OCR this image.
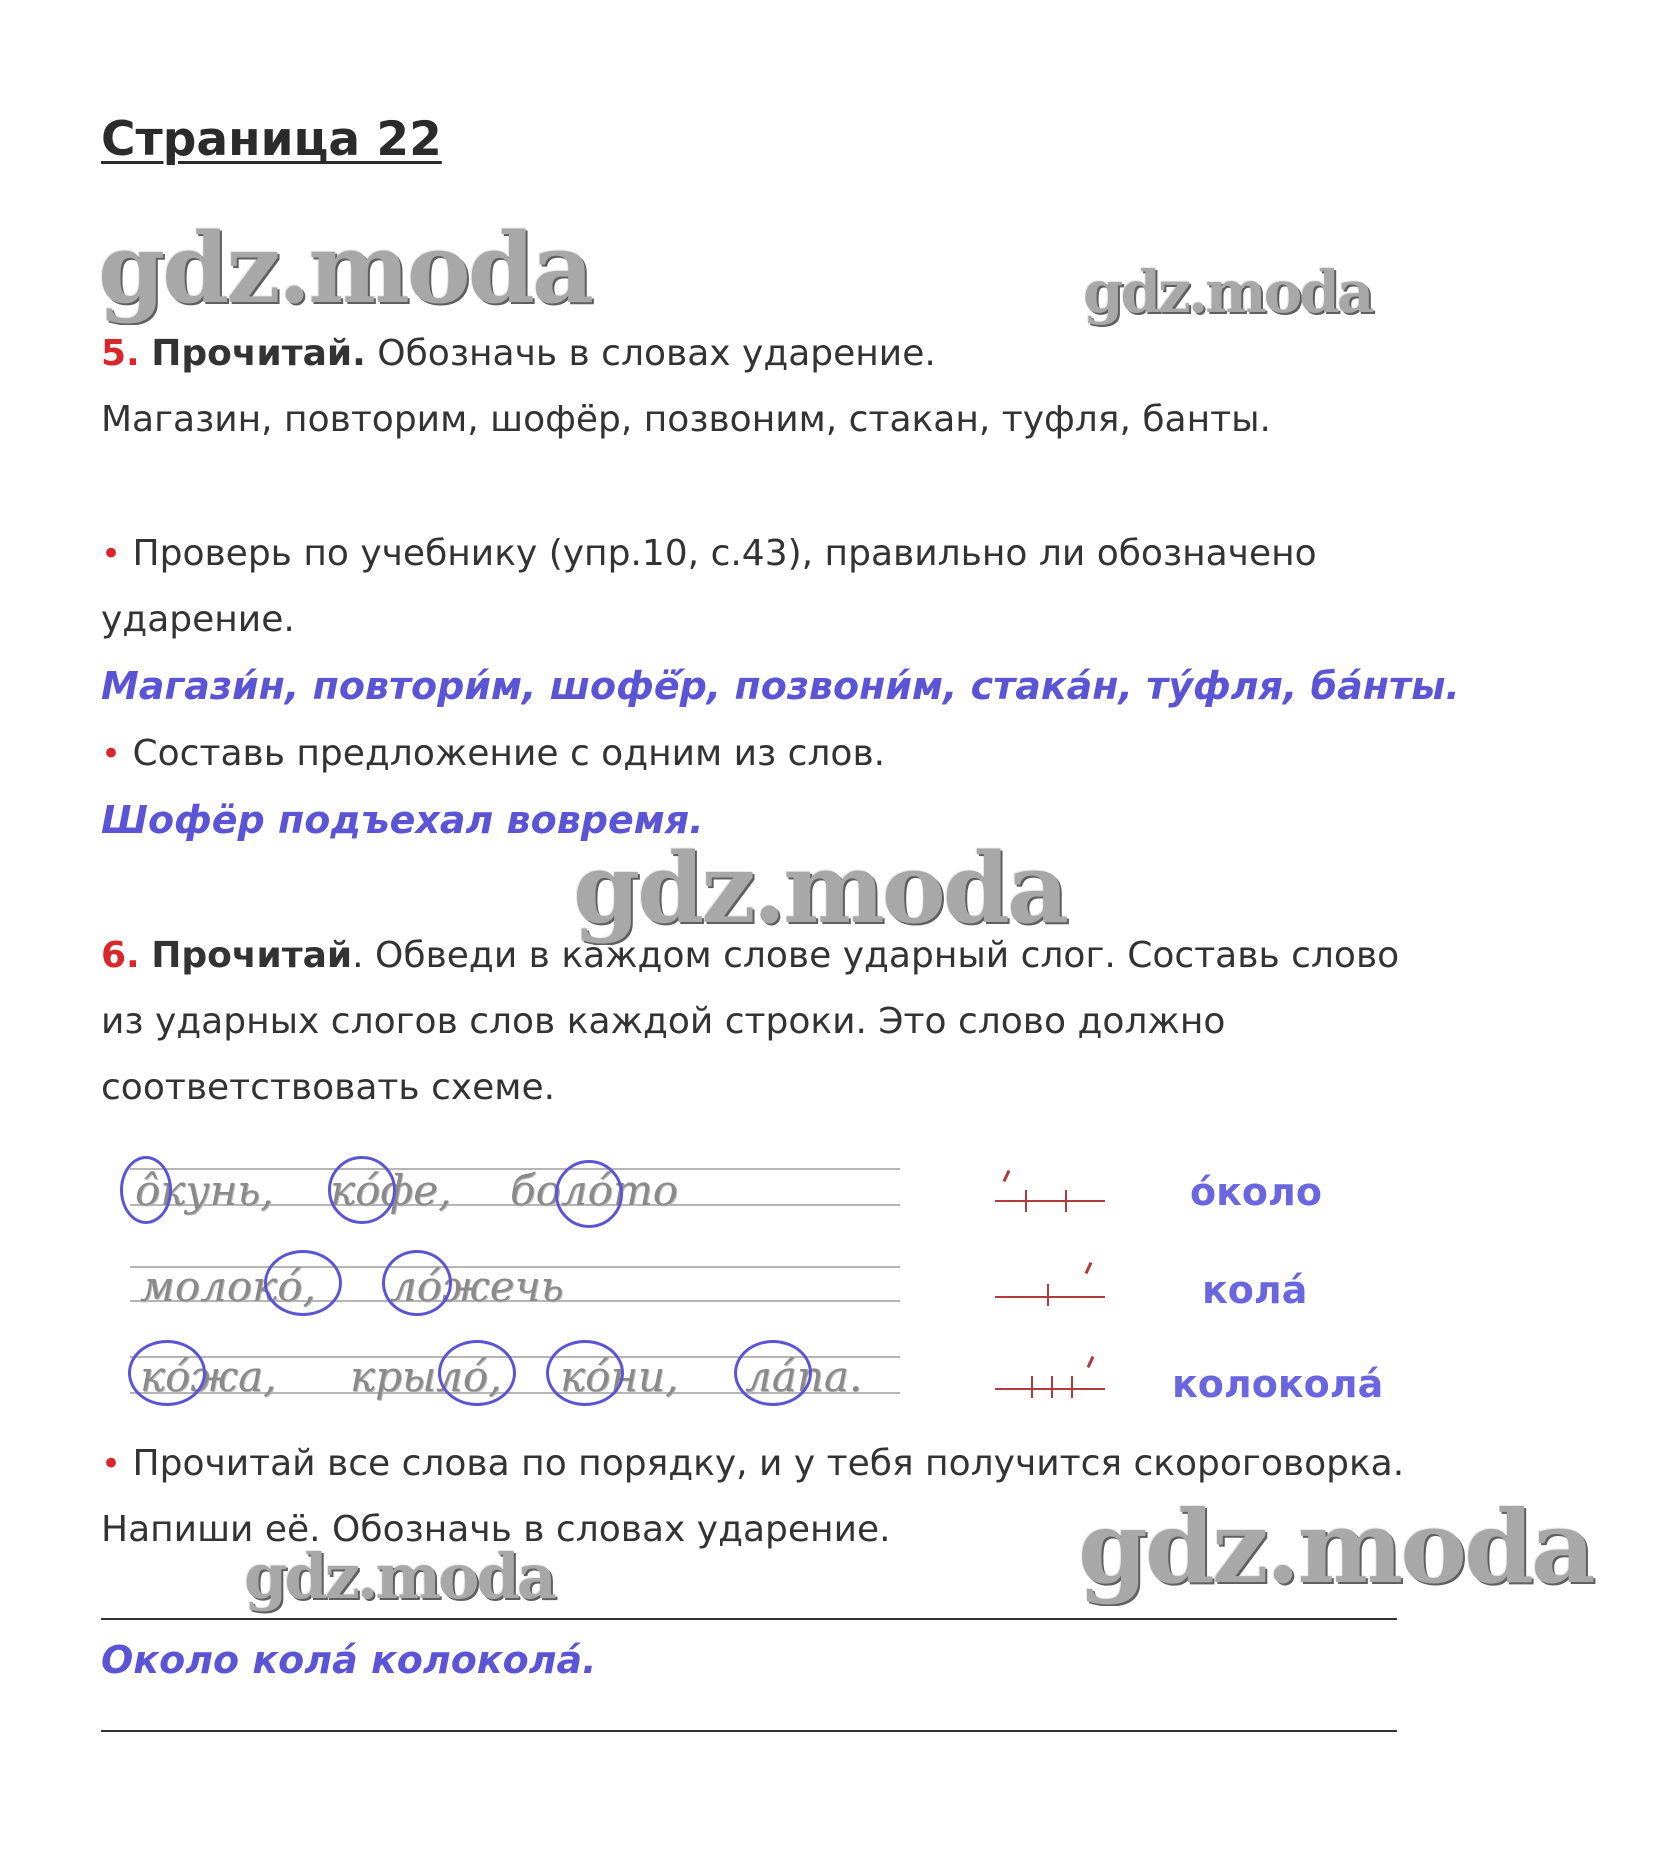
Страница 22
gdz.moda	gdz.moda
5. Прочитай. Обозначь в словах ударение.
Магазин, повторим, шофёр, позвоним, стакан, туфля, банты.
• Проверь по учебнику (упр.10, с.43), правильно ли обозначено
ударение.
Магази́н, повтори́м, шофё́р, позвони́м, стака́н, ту́фля, ба́нты.
• Составь предложение с одним из слов.
Шофёр подъехал вовремя.
gdz.moda
6. Прочитай. Обведи в каждом слове ударный слог. Составь слово
из ударных слогов слов каждой строки. Это слово должно
соответствовать схеме.
ôкунь, кóфе, болóто
молокó, лóжечь
кóжа, крылó, кóни, лáпа.
о́коло
кола́
колокола́
• Прочитай все слова по порядку, и у тебя получится скороговорка.
Напиши её. Обозначь в словах ударение. gdz.moda
gdz.moda
Около кола́ колокола́.
